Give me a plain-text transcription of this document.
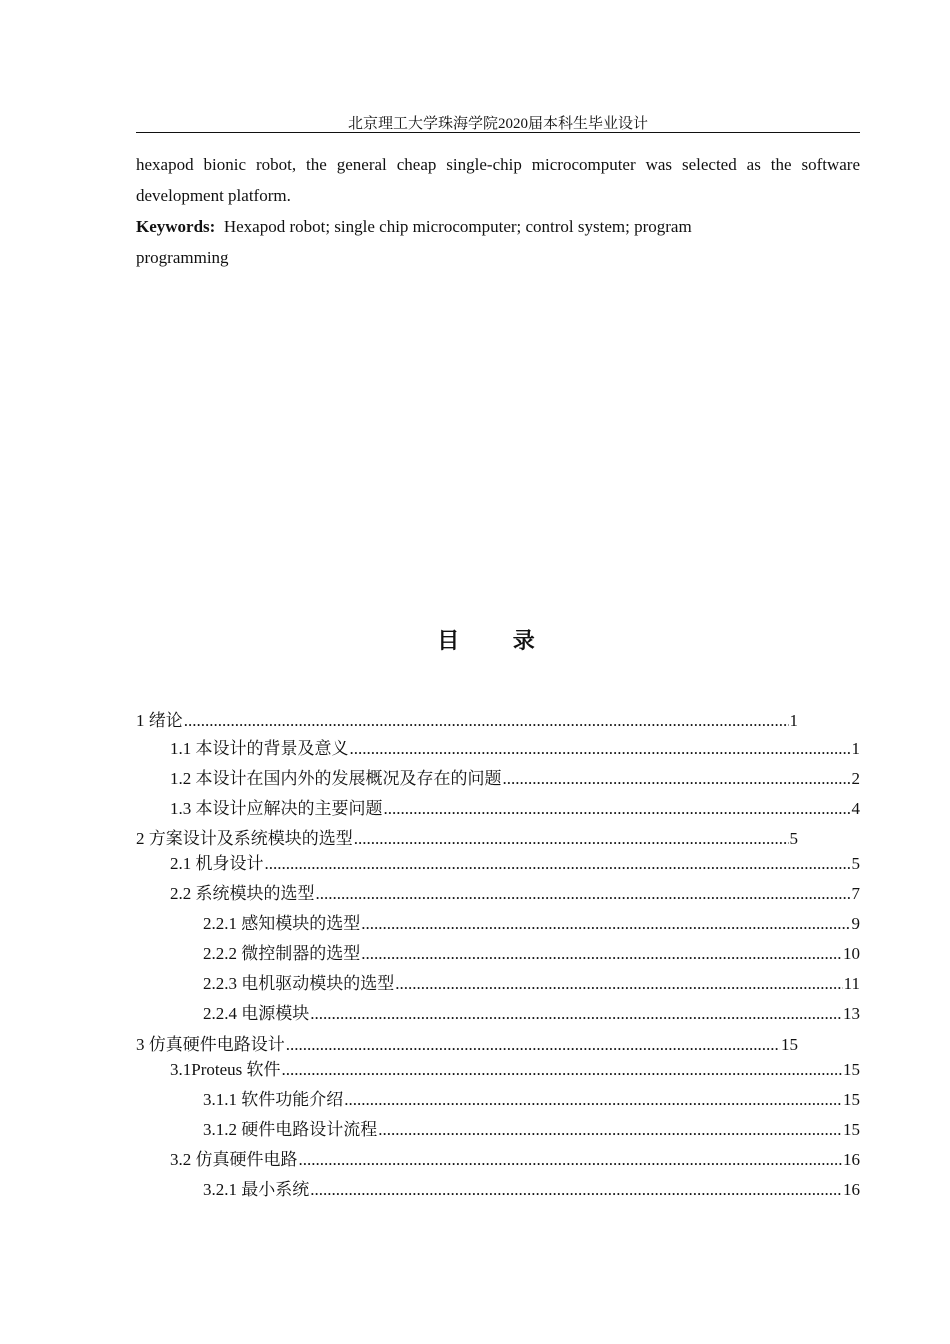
北京理工大学珠海学院2020届本科生毕业设计
hexapod bionic robot, the general cheap single-chip microcomputer was selected as the software development platform.
Keywords: Hexapod robot; single chip microcomputer; control system; program
programming
目 录
1 绪论 .....	1
1.1 本设计的背景及意义 .....	1
1.2 本设计在国内外的发展概况及存在的问题 .....	2
1.3 本设计应解决的主要问题 .....	4
2 方案设计及系统模块的选型 .....	5
2.1 机身设计 .....	5
2.2 系统模块的选型 .....	7
2.2.1 感知模块的选型 .....	9
2.2.2 微控制器的选型 .....	10
2.2.3 电机驱动模块的选型 .....	11
2.2.4 电源模块 .....	13
3 仿真硬件电路设计 .....	15
3.1Proteus 软件 .....	15
3.1.1 软件功能介绍 .....	15
3.1.2 硬件电路设计流程 .....	15
3.2 仿真硬件电路 .....	16
3.2.1 最小系统 .....	16
